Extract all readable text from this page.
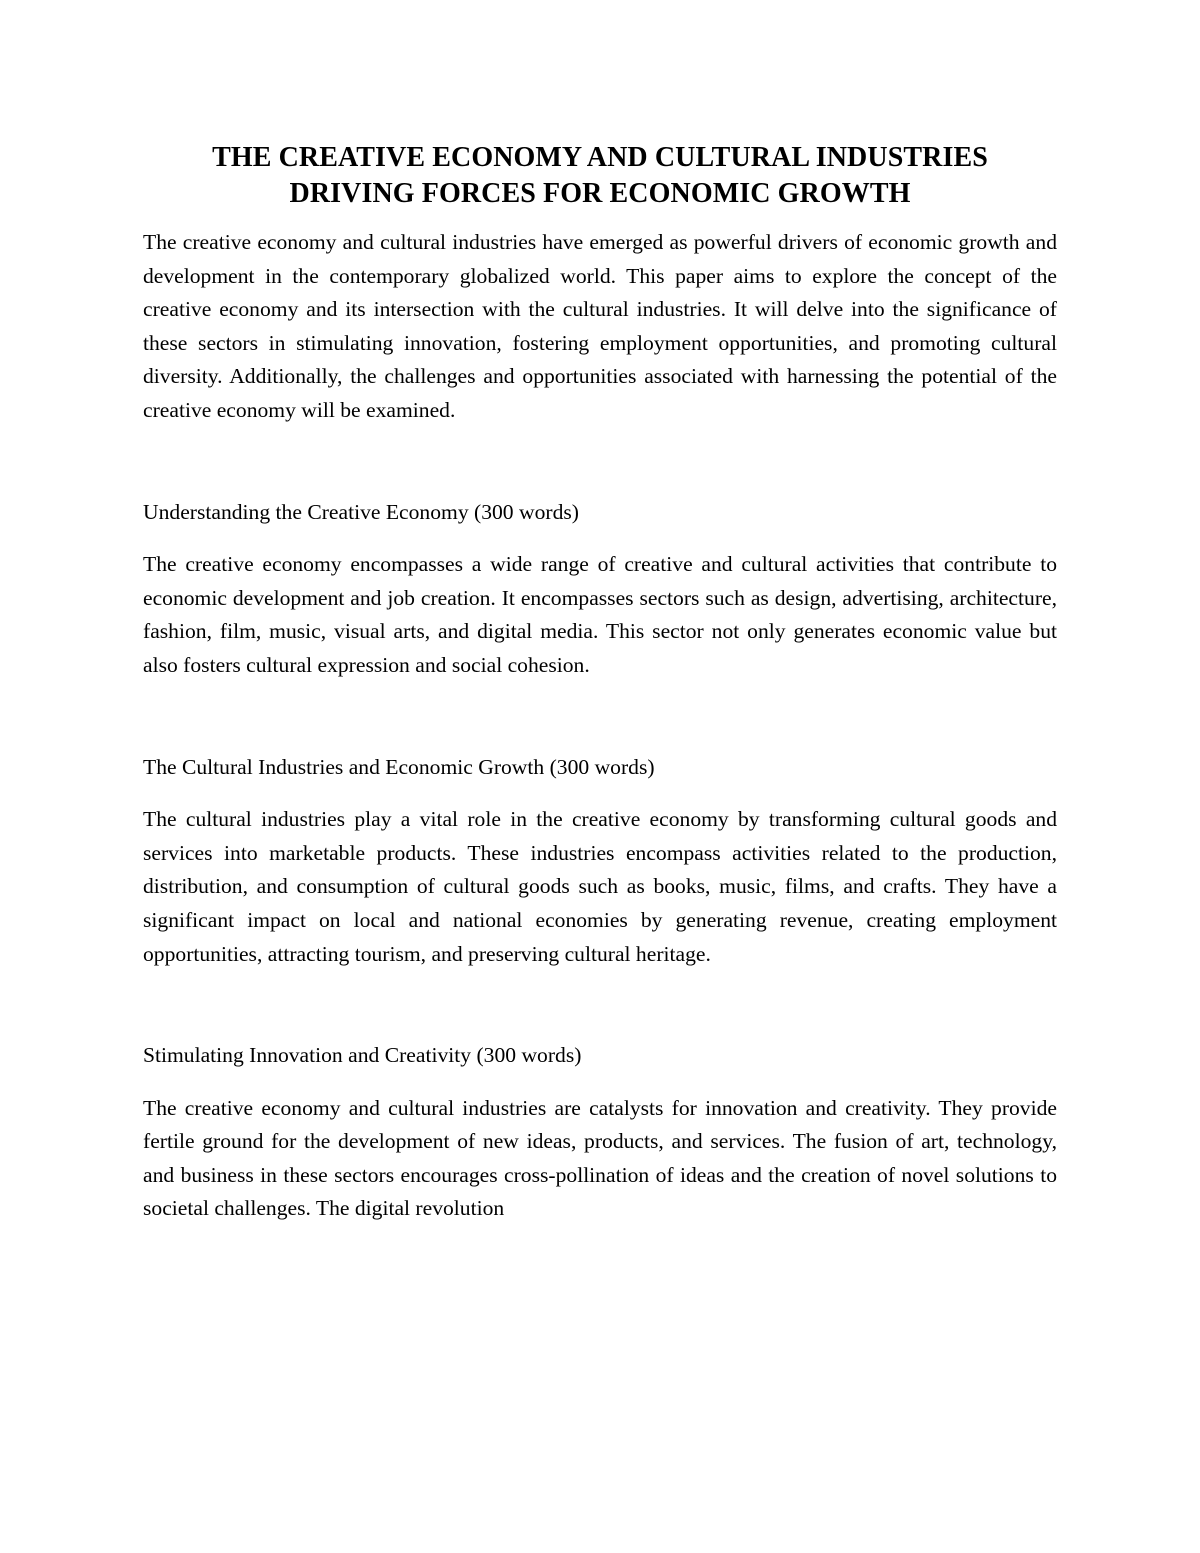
THE CREATIVE ECONOMY AND CULTURAL INDUSTRIES
DRIVING FORCES FOR ECONOMIC GROWTH

The creative economy and cultural industries have emerged as powerful drivers of economic growth and development in the contemporary globalized world. This paper aims to explore the concept of the creative economy and its intersection with the cultural industries. It will delve into the significance of these sectors in stimulating innovation, fostering employment opportunities, and promoting cultural diversity. Additionally, the challenges and opportunities associated with harnessing the potential of the creative economy will be examined.

Understanding the Creative Economy (300 words)

The creative economy encompasses a wide range of creative and cultural activities that contribute to economic development and job creation. It encompasses sectors such as design, advertising, architecture, fashion, film, music, visual arts, and digital media. This sector not only generates economic value but also fosters cultural expression and social cohesion.

The Cultural Industries and Economic Growth (300 words)

The cultural industries play a vital role in the creative economy by transforming cultural goods and services into marketable products. These industries encompass activities related to the production, distribution, and consumption of cultural goods such as books, music, films, and crafts. They have a significant impact on local and national economies by generating revenue, creating employment opportunities, attracting tourism, and preserving cultural heritage.

Stimulating Innovation and Creativity (300 words)

The creative economy and cultural industries are catalysts for innovation and creativity. They provide fertile ground for the development of new ideas, products, and services. The fusion of art, technology, and business in these sectors encourages cross-pollination of ideas and the creation of novel solutions to societal challenges. The digital revolution
